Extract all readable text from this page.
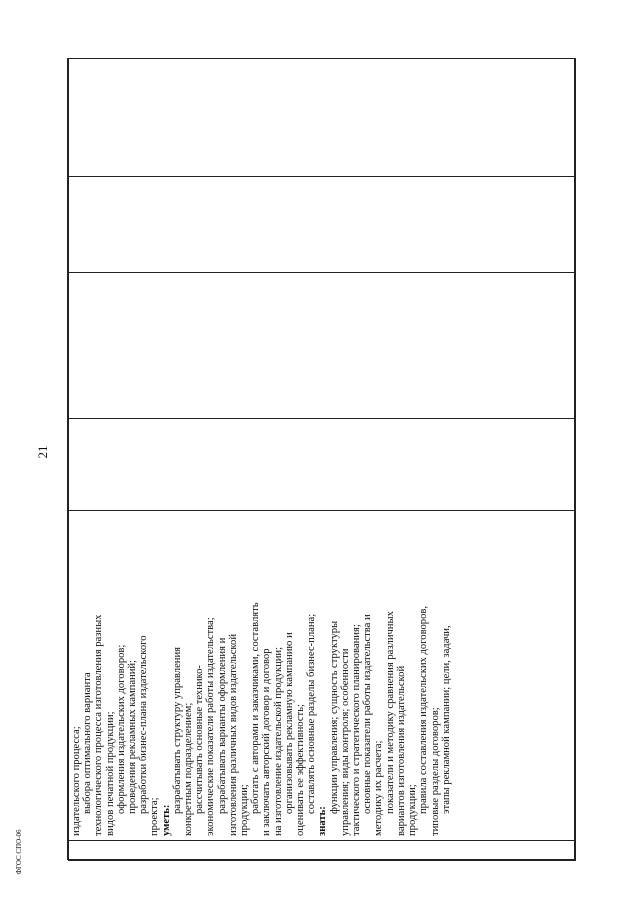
21

издательского процесса; выбора оптимального варианта технологического процесса изготовления разных видов печатной продукции; оформления издательских договоров; проведения рекламных кампаний; разработки бизнес-плана издательского
проекта; уметь:
разрабатывать структуру управления конкретным подразделением; рассчитывать основные технико- экономические показатели работы издательства; разрабатывать варианты оформления и изготовления различных видов издательской продукции; работать с авторами и заказчиками, составлять и заключать авторский договор и договор на изготовление издательской продукции; организовывать рекламную кампанию и оценивать ее эффективность; составлять основные разделы бизнес-плана;
знать:
функции управления; сущность структуры управления; виды контроля; особенности тактического и стратегического планирования; основные показатели работы издательства и методику их расчета; показатели и методику сравнения различных вариантов изготовления издательской продукции; правила составления издательских договоров, типовые разделы договоров; этапы рекламной кампании; цели, задачи,

ФГОС СПО-06
